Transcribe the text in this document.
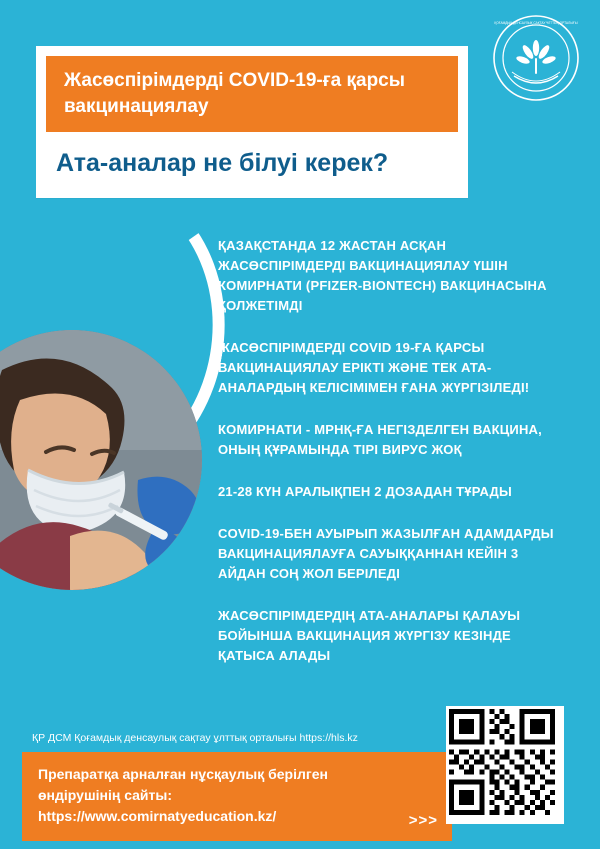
ҚОҒАМДЫҚ ДЕНСАУЛЫҚ САҚТАУ ҰЛТТЫҚ ОРТАЛЫҒЫ
Жасөспірімдерді COVID-19-ға қарсы вакцинациялау
Ата-аналар не білуі керек?

ҚАЗАҚСТАНДА 12 ЖАСТАН АСҚАН ЖАСӨСПІРІМДЕРДІ ВАКЦИНАЦИЯЛАУ ҮШІН КОМИРНАТИ (PFIZER-BIONTECH) ВАКЦИНАСЫНА ҚОЛЖЕТІМДІ

ЖАСӨСПІРІМДЕРДІ COVID 19-ҒА ҚАРСЫ ВАКЦИНАЦИЯЛАУ ЕРІКТІ ЖӘНЕ ТЕК АТА-АНАЛАРДЫҢ КЕЛІСІМІМЕН ҒАНА ЖҮРГІЗІЛЕДІ!

КОМИРНАТИ - МРНҚ-ҒА НЕГІЗДЕЛГЕН ВАКЦИНА, ОНЫҢ ҚҰРАМЫНДА ТІРІ ВИРУС ЖОҚ

21-28 КҮН АРАЛЫҚПЕН 2 ДОЗАДАН ТҰРАДЫ

COVID-19-БЕН АУЫРЫП ЖАЗЫЛҒАН АДАМДАРДЫ ВАКЦИНАЦИЯЛАУҒА САУЫҚҚАННАН КЕЙІН 3 АЙДАН СОҢ ЖОЛ БЕРІЛЕДІ

ЖАСӨСПІРІМДЕРДІҢ АТА-АНАЛАРЫ ҚАЛАУЫ БОЙЫНША ВАКЦИНАЦИЯ ЖҮРГІЗУ КЕЗІНДЕ ҚАТЫСА АЛАДЫ

ҚР ДСМ Қоғамдық денсаулық сақтау ұлттық орталығы https://hls.kz
Препаратқа арналған нұсқаулық берілген
өндірушінің сайты:
https://www.comirnatyeducation.kz/	>>>
